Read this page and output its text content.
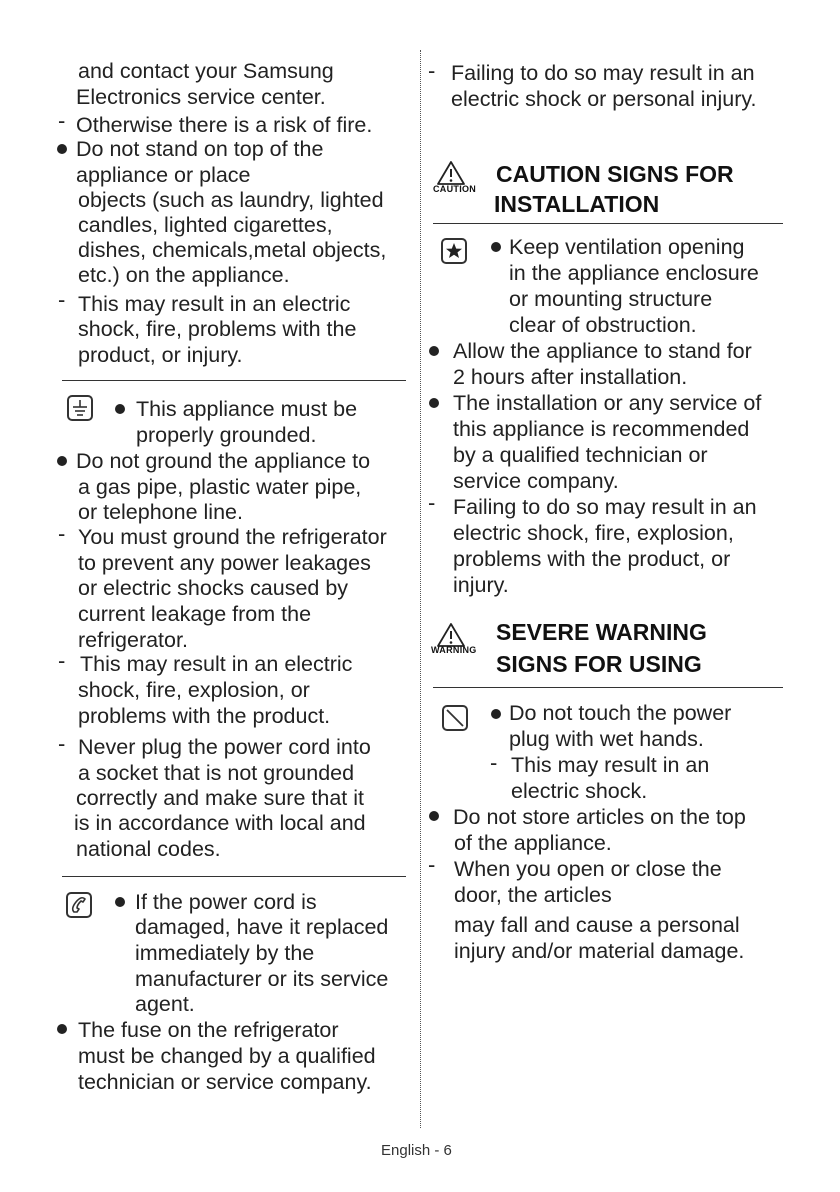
and contact your Samsung
Electronics service center.
- Otherwise there is a risk of fire.
Do not stand on top of the
appliance or place
objects (such as laundry, lighted
candles, lighted cigarettes,
dishes, chemicals,metal objects,
etc.) on the appliance.
- This may result in an electric
shock, fire, problems with the
product, or injury.
This appliance must be
properly grounded.
Do not ground the appliance to
a gas pipe, plastic water pipe,
or telephone line.
- You must ground the refrigerator
to prevent any power leakages
or electric shocks caused by
current leakage from the
refrigerator.
- This may result in an electric
shock, fire, explosion, or
problems with the product.
- Never plug the power cord into
a socket that is not grounded
correctly and make sure that it
is in accordance with local and
national codes.
If the power cord is
damaged, have it replaced
immediately by the
manufacturer or its service
agent.
The fuse on the refrigerator
must be changed by a qualified
technician or service company.
- Failing to do so may result in an
electric shock or personal injury.
CAUTION
CAUTION SIGNS FOR
INSTALLATION
Keep ventilation opening
in the appliance enclosure
or mounting structure
clear of obstruction.
Allow the appliance to stand for
2 hours after installation.
The installation or any service of
this appliance is recommended
by a qualified technician or
service company.
- Failing to do so may result in an
electric shock, fire, explosion,
problems with the product, or
injury.
WARNING
SEVERE WARNING
SIGNS FOR USING
Do not touch the power
plug with wet hands.
- This may result in an
electric shock.
Do not store articles on the top
of the appliance.
- When you open or close the
door, the articles
may fall and cause a personal
injury and/or material damage.
English - 6
